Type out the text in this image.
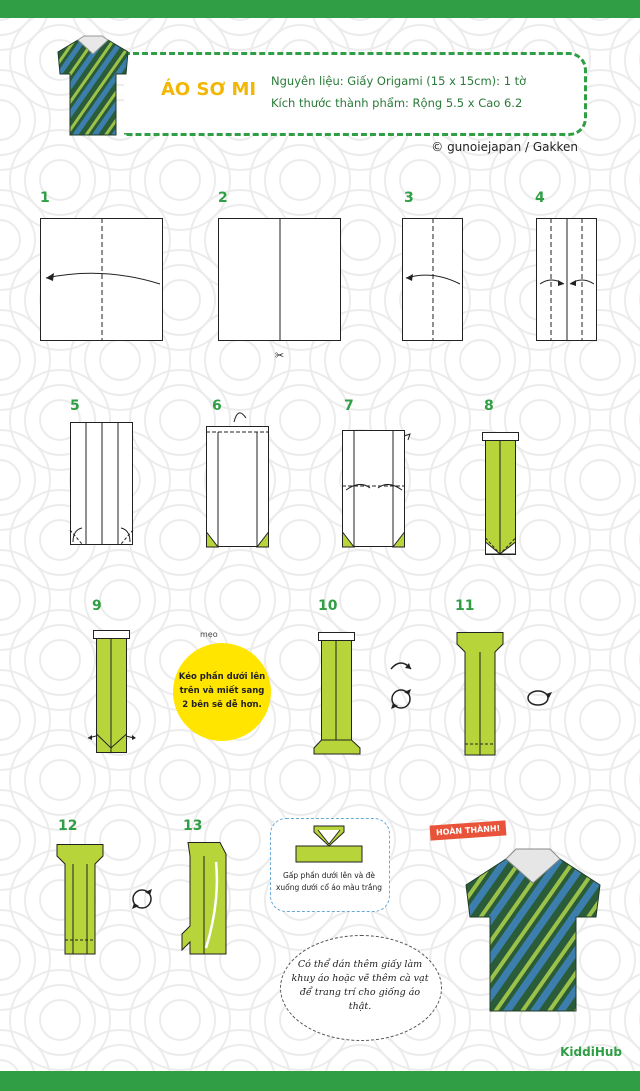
ÁO SƠ MI Nguyên liệu: Giấy Origami (15 x 15cm): 1 tờ
Kích thước thành phẩm: Rộng 5.5 x Cao 6.2
© gunoiejapan / Gakken
1	2	3	4
5	6	7	8
9	10	11
12	13
✂
mẹo
Kéo phần dưới lên trên và miết sang 2 bên sẽ dễ hơn.
Gấp phần dưới lên và đè xuống dưới cổ áo màu trắng
HOÀN THÀNH!
Có thể dán thêm giấy làm khuy áo hoặc vẽ thêm cà vạt để trang trí cho giống áo thật.
KiddiHub
